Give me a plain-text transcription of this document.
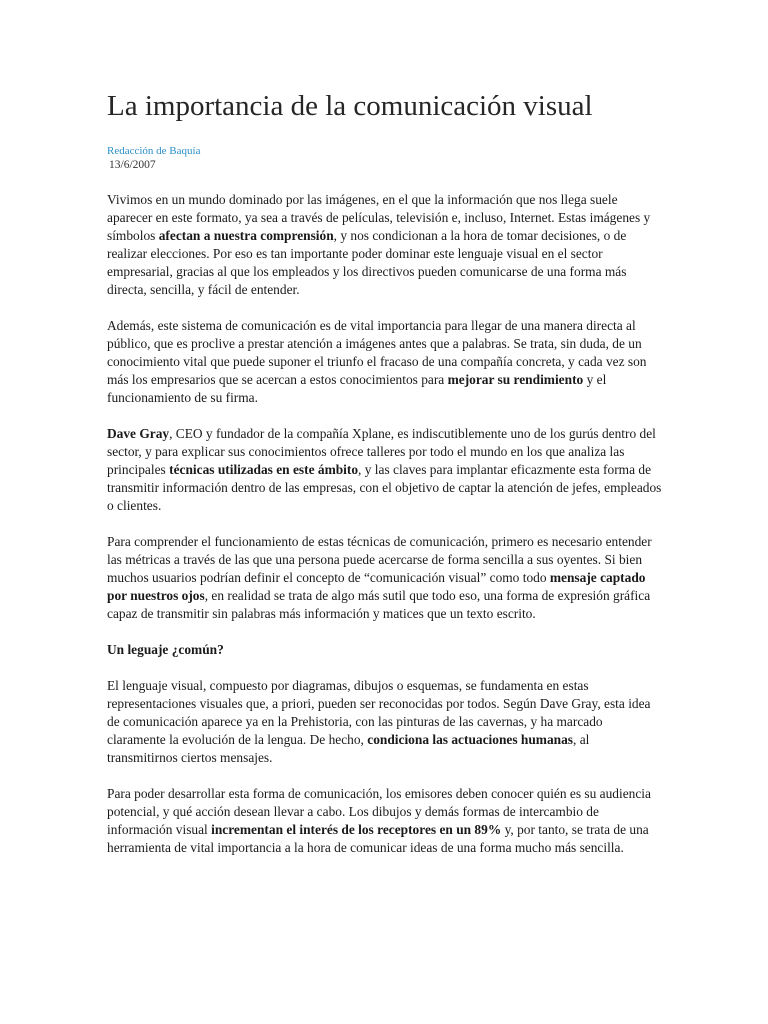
La importancia de la comunicación visual
Redacción de Baquía
13/6/2007

Vivimos en un mundo dominado por las imágenes, en el que la información que nos llega suele aparecer en este formato, ya sea a través de películas, televisión e, incluso, Internet. Estas imágenes y símbolos afectan a nuestra comprensión, y nos condicionan a la hora de tomar decisiones, o de realizar elecciones. Por eso es tan importante poder dominar este lenguaje visual en el sector empresarial, gracias al que los empleados y los directivos pueden comunicarse de una forma más directa, sencilla, y fácil de entender.

Además, este sistema de comunicación es de vital importancia para llegar de una manera directa al público, que es proclive a prestar atención a imágenes antes que a palabras. Se trata, sin duda, de un conocimiento vital que puede suponer el triunfo el fracaso de una compañía concreta, y cada vez son más los empresarios que se acercan a estos conocimientos para mejorar su rendimiento y el funcionamiento de su firma.

Dave Gray, CEO y fundador de la compañía Xplane, es indiscutiblemente uno de los gurús dentro del sector, y para explicar sus conocimientos ofrece talleres por todo el mundo en los que analiza las principales técnicas utilizadas en este ámbito, y las claves para implantar eficazmente esta forma de transmitir información dentro de las empresas, con el objetivo de captar la atención de jefes, empleados o clientes.

Para comprender el funcionamiento de estas técnicas de comunicación, primero es necesario entender las métricas a través de las que una persona puede acercarse de forma sencilla a sus oyentes. Si bien muchos usuarios podrían definir el concepto de “comunicación visual” como todo mensaje captado por nuestros ojos, en realidad se trata de algo más sutil que todo eso, una forma de expresión gráfica capaz de transmitir sin palabras más información y matices que un texto escrito.

Un leguaje ¿común?

El lenguaje visual, compuesto por diagramas, dibujos o esquemas, se fundamenta en estas representaciones visuales que, a priori, pueden ser reconocidas por todos. Según Dave Gray, esta idea de comunicación aparece ya en la Prehistoria, con las pinturas de las cavernas, y ha marcado claramente la evolución de la lengua. De hecho, condiciona las actuaciones humanas, al transmitirnos ciertos mensajes.

Para poder desarrollar esta forma de comunicación, los emisores deben conocer quién es su audiencia potencial, y qué acción desean llevar a cabo. Los dibujos y demás formas de intercambio de información visual incrementan el interés de los receptores en un 89% y, por tanto, se trata de una herramienta de vital importancia a la hora de comunicar ideas de una forma mucho más sencilla.
